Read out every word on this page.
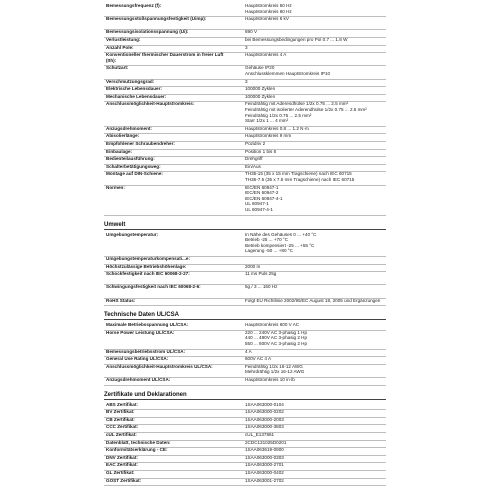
Bemessungsfrequenz (f):	Hauptstromkreis 50 Hz
Hauptstromkreis 60 Hz
Bemessungsstoßspannungsfestigkeit (Uimp):	Hauptstromkreis 6 kV
Bemessungsisolationsspannung (Ui):	690 V
Verlustleistung:	bei Bemessungsbedingungen pro Pol 0.7 ... 1.8 W
Anzahl Pole:	3
Konventioneller thermischer Dauerstrom in freier Luft (Ith):
Hauptstromkreis 4 A
Schutzart:	Gehäuse IP20
Anschlussklemmen Hauptstromkreis IP10
Verschmutzungsgrad:	3
Elektrische Lebensdauer:	100000 Zyklen
Mechanische Lebensdauer:	100000 Zyklen
Anschlussmöglichkeit-Hauptstromkreis:	Feindrähtig mit Aderendhülse 1/2x 0.75 ... 2.5 mm²
Feindrähtig mit isolierter Aderendhülse 1/2x 0.75 ... 2.5 mm²
Feindrähtig 1/2x 0.75 ... 2.5 mm²
Starr 1/2x 1 ... 4 mm²
Anzugsdrehmoment:	Hauptstromkreis 0.8 ... 1.2 N·m
Abisolierlänge:	Hauptstromkreis 9 mm
Empfohlener Schraubendreher:	Pozidriv 2
Einbaulage:	Position 1 bis 6
Bedienteilausführung:	Drehgriff
Schalterbetätigungsweg:	Ein/Aus
Montage auf DIN-Schiene:	TH35-15 (35 x 15 mm Tragschiene) nach IEC 60715
TH35-7.5 (35 x 7.5 mm Tragschiene) nach IEC 60715
Normen:	IEC/EN 60947-1
IEC/EN 60947-2
IEC/EN 60947-4-1
UL 60947-1
UL 60947-4-1
Umwelt
Umgebungstemperatur:	In Nähe des Gehäuses 0 ... +40 °C
Betrieb -25 ... +70 °C
Betrieb kompensiert -25 ... +55 °C
Lagerung -50 ... +80 °C
Umgebungstemperaturkompensati...e:
Höchstzulässige Betriebshöhenlage:	2000 m
Schockfestigkeit nach IEC 60068-2-27:	11 ms Puls 25g
Schwingungsfestigkeit nach IEC 60068-2-6:	5g / 3 ... 150 Hz
RoHS Status:	Folgt EU Richtlinie 2002/95/EC August 18, 2005 und Ergänzungen
Technische Daten UL/CSA
Maximale Betriebsspannung UL/CSA:	Hauptstromkreis 600 V AC
Horse Power Leistung UL/CSA:	220 ... 240V AC 3-phasig 1 Hp
440 ... 480V AC 3-phasig 2 Hp
550 ... 600V AC 3-phasig 2 Hp
Bemessungsbetriebsstrom UL/CSA:	4 A
General Use Rating UL/CSA:	600V AC 4 A
Anschlussmöglichkeit-Hauptstromkreis UL/CSA:	Feindrähtig 1/2x 16-12 AWG
Mehrdrähtig 1/2x 16-12 AWG
Anzugsdrehmoment UL/CSA:	Hauptstromkreis 10 in·lb
Zertifikate und Deklarationen
ABS Zertifikat:	1SAA063000-0104
BV Zertifikat:	1SAA063000-0202
CB Zertifikat:	1SAA063000-2003
CCC Zertifikat:	1SAA063000-3803
cUL Zertifikat:	cUL_E137861
Datenblatt, technische Daten:	2CDC131025D0201
Konformitätserklärung - CE:	1SAA063619-0900
DNV Zertifikat:	1SAA063000-0303
EAC Zertifikat:	1SAA063000-2701
GL Zertifikat:	1SAA063000-0402
GOST Zertifikat:	1SAA063001-2702
